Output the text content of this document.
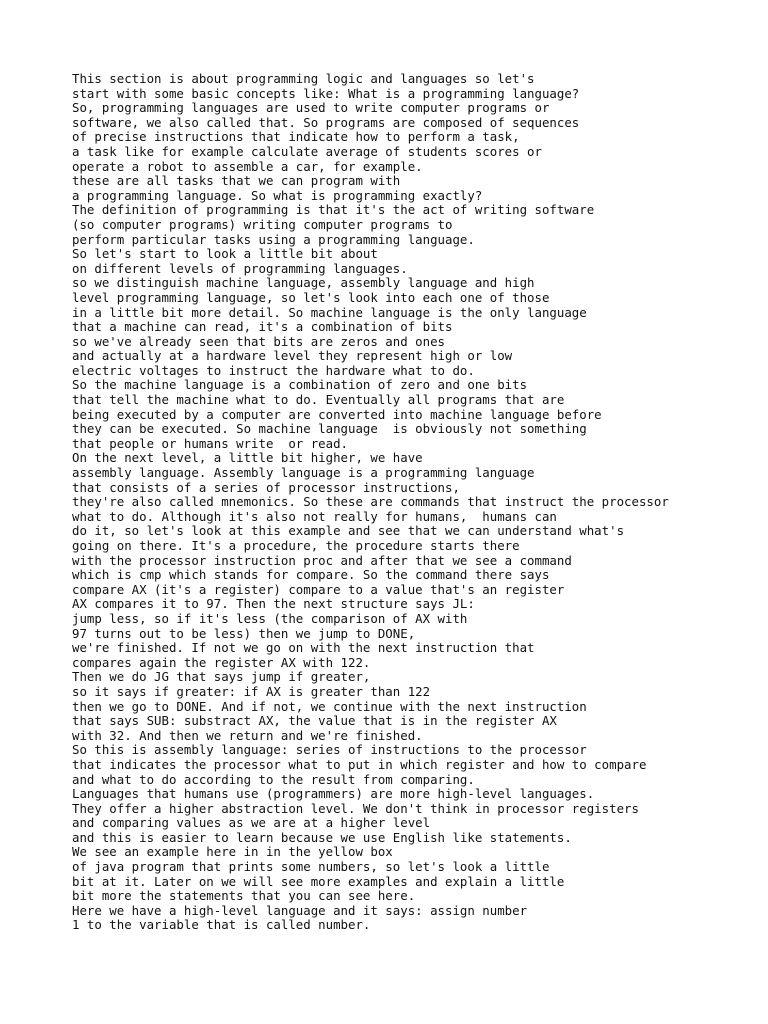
This section is about programming logic and languages so let's
start with some basic concepts like: What is a programming language?
So, programming languages are used to write computer programs or
software, we also called that. So programs are composed of sequences
of precise instructions that indicate how to perform a task,
a task like for example calculate average of students scores or
operate a robot to assemble a car, for example.
these are all tasks that we can program with
a programming language. So what is programming exactly?
The definition of programming is that it's the act of writing software
(so computer programs) writing computer programs to
perform particular tasks using a programming language.
So let's start to look a little bit about
on different levels of programming languages.
so we distinguish machine language, assembly language and high
level programming language, so let's look into each one of those
in a little bit more detail. So machine language is the only language
that a machine can read, it's a combination of bits
so we've already seen that bits are zeros and ones
and actually at a hardware level they represent high or low
electric voltages to instruct the hardware what to do.
So the machine language is a combination of zero and one bits
that tell the machine what to do. Eventually all programs that are
being executed by a computer are converted into machine language before
they can be executed. So machine language  is obviously not something
that people or humans write  or read.
On the next level, a little bit higher, we have
assembly language. Assembly language is a programming language
that consists of a series of processor instructions,
they're also called mnemonics. So these are commands that instruct the processor
what to do. Although it's also not really for humans,  humans can
do it, so let's look at this example and see that we can understand what's
going on there. It's a procedure, the procedure starts there
with the processor instruction proc and after that we see a command
which is cmp which stands for compare. So the command there says
compare AX (it's a register) compare to a value that's an register
AX compares it to 97. Then the next structure says JL:
jump less, so if it's less (the comparison of AX with
97 turns out to be less) then we jump to DONE,
we're finished. If not we go on with the next instruction that
compares again the register AX with 122.
Then we do JG that says jump if greater,
so it says if greater: if AX is greater than 122
then we go to DONE. And if not, we continue with the next instruction
that says SUB: substract AX, the value that is in the register AX
with 32. And then we return and we're finished.
So this is assembly language: series of instructions to the processor
that indicates the processor what to put in which register and how to compare
and what to do according to the result from comparing.
Languages that humans use (programmers) are more high-level languages.
They offer a higher abstraction level. We don't think in processor registers
and comparing values as we are at a higher level
and this is easier to learn because we use English like statements.
We see an example here in in the yellow box
of java program that prints some numbers, so let's look a little
bit at it. Later on we will see more examples and explain a little
bit more the statements that you can see here.
Here we have a high-level language and it says: assign number
1 to the variable that is called number.
